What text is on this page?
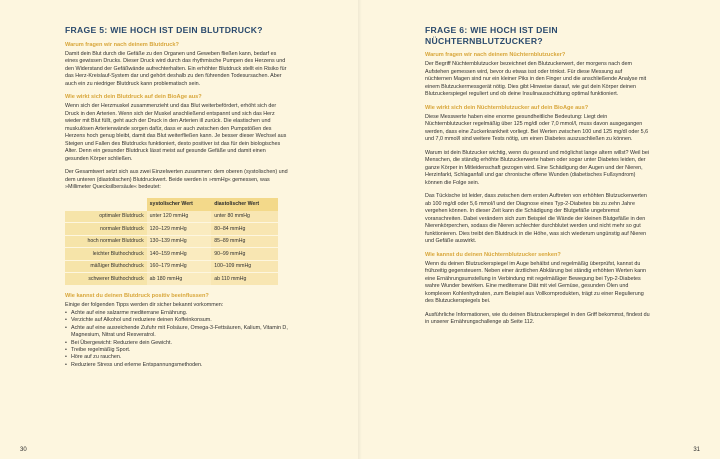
FRAGE 5: WIE HOCH IST DEIN BLUTDRUCK?
Warum fragen wir nach deinem Blutdruck?

Damit dein Blut durch die Gefäße zu den Organen und Geweben fließen kann, bedarf es eines gewissen Drucks. Dieser Druck wird durch das rhythmische Pumpen des Herzens und den Widerstand der Gefäßwände aufrechterhalten. Ein erhöhter Blutdruck stellt ein Risiko für das Herz-Kreislauf-System dar und gehört deshalb zu den führenden Todesursachen. Aber auch ein zu niedriger Blutdruck kann problematisch sein.

Wie wirkt sich dein Blutdruck auf dein BioAge aus?

Wenn sich der Herzmuskel zusammenzieht und das Blut weiterbefördert, erhöht sich der Druck in den Arterien. Wenn sich der Muskel anschließend entspannt und sich das Herz wieder mit Blut füllt, geht auch der Druck in den Arterien ill zurück. Die elastischen und muskulösen Arterienwände sorgen dafür, dass er auch zwischen den Pumpstößen des Herzens hoch genug bleibt, damit das Blut weiterfließen kann. Je besser dieser Wechsel aus Steigen und Fallen des Blutdrucks funktioniert, desto positiver ist das für dein biologisches Alter. Denn ein gesunder Blutdruck lässt meist auf gesunde Gefäße und damit einen gesunden Körper schließen.

Der Gesamtwert setzt sich aus zwei Einzelwerten zusammen: dem oberen (systolischen) und dem unteren (diastolischen) Blutdruckwert. Beide werden in »mmHg« gemessen, was »Millimeter Quecksilbersäule« bedeutet:

	systolischer Wert	diastolischer Wert
optimaler Blutdruck	unter 120 mmHg	unter 80 mmHg
normaler Blutdruck	120–129 mmHg	80–84 mmHg
hoch normaler Blutdruck	130–139 mmHg	85–89 mmHg
leichter Bluthochdruck	140–159 mmHg	90–99 mmHg
mäßiger Bluthochdruck	160–179 mmHg	100–109 mmHg
schwerer Bluthochdruck	ab 180 mmHg	ab 110 mmHg
Wie kannst du deinen Blutdruck positiv beeinflussen?

Einige der folgenden Tipps werden dir sicher bekannt vorkommen:

• Achte auf eine salzarme mediterrane Ernährung.
• Verzichte auf Alkohol und reduziere deinen Koffeinkonsum.
• Achte auf eine ausreichende Zufuhr mit Folsäure, Omega-3-Fettsäuren, Kalium, Vitamin D, Magnesium, Nitrat und Resveratrol.
• Bei Übergewicht: Reduziere dein Gewicht.
• Treibe regelmäßig Sport.
• Höre auf zu rauchen.
• Reduziere Stress und erlerne Entspannungsmethoden.
30
FRAGE 6: WIE HOCH IST DEIN NÜCHTERNBLUTZUCKER?
Warum fragen wir nach deinem Nüchternblutzucker?

Der Begriff Nüchternblutzucker bezeichnet den Blutzuckerwert, der morgens nach dem Aufstehen gemessen wird, bevor du etwas isst oder trinkst. Für diese Messung auf nüchternen Magen sind nur ein kleiner Piks in den Finger und die anschließende Analyse mit einem Blutzuckermessgerät nötig. Dies gibt Hinweise darauf, wie gut dein Körper deinen Blutzuckerspiegel reguliert und ob deine Insulinausschüttung optimal funktioniert.

Wie wirkt sich dein Nüchternblutzucker auf dein BioAge aus?

Diese Messwerte haben eine enorme gesundheitliche Bedeutung: Liegt dein Nüchternblutzucker regelmäßig über 125 mg/dl oder 7,0 mmol/l, muss davon ausgegangen werden, dass eine Zuckerkrankheit vorliegt. Bei Werten zwischen 100 und 125 mg/dl oder 5,6 und 7,0 mmol/l sind weitere Tests nötig, um einen Diabetes auszuschließen zu können.

Warum ist dein Blutzucker wichtig, wenn du gesund und möglichst lange altern willst? Weil bei Menschen, die ständig erhöhte Blutzuckerwerte haben oder sogar unter Diabetes leiden, der ganze Körper in Mitleidenschaft gezogen wird. Eine Schädigung der Augen und der Nieren, Herzinfarkt, Schlaganfall und gar chronische offene Wunden (diabetisches Fußsyndrom) können die Folge sein.

Das Tückische ist leider, dass zwischen dem ersten Auftreten von erhöhten Blutzuckerwerten ab 100 mg/dl oder 5,6 mmol/l und der Diagnose eines Typ-2-Diabetes bis zu zehn Jahre vergehen können. In dieser Zeit kann die Schädigung der Blutgefäße ungebremst voranschreiten. Dabei verändern sich zum Beispiel die Wände der kleinen Blutgefäße in den Nierenkörperchen, sodass die Nieren schlechter durchblutet werden und nicht mehr so gut funktionieren. Dies treibt den Blutdruck in die Höhe, was sich wiederum ungünstig auf Nieren und Gefäße auswirkt.

Wie kannst du deinen Nüchternblutzucker senken?

Wenn du deinen Blutzuckerspiegel im Auge behältst und regelmäßig überprüfst, kannst du frühzeitig gegensteuern. Neben einer ärztlichen Abklärung bei ständig erhöhten Werten kann eine Ernährungsumstellung in Verbindung mit regelmäßiger Bewegung bei Typ-2-Diabetes wahre Wunder bewirken. Eine mediterrane Diät mit viel Gemüse, gesunden Ölen und komplexen Kohlenhydraten, zum Beispiel aus Vollkornprodukten, trägt zu einer Regulierung des Blutzuckerspiegels bei.

Ausführliche Informationen, wie du deinen Blutzuckerspiegel in den Griff bekommst, findest du in unserer Ernährungschallenge ab Seite 112.

31
